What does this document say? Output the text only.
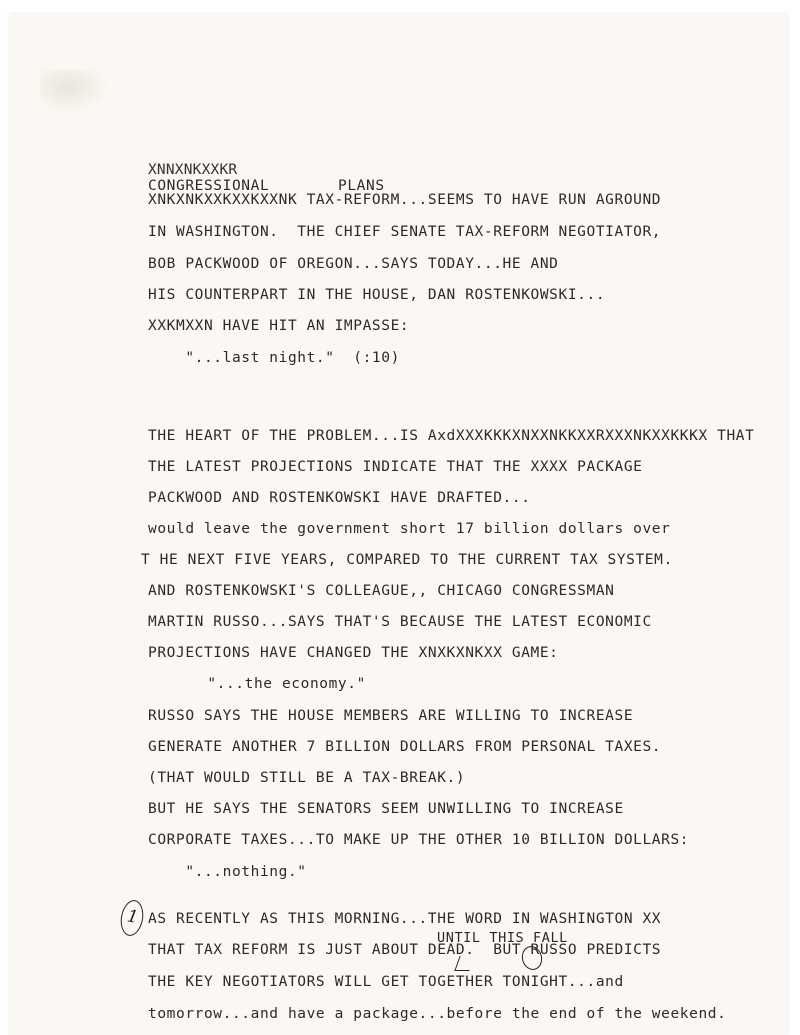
XNNXNKXXKR
CONGRESSIONAL	PLANS
XNKXNKXXKXXKXXNK TAX-REFORM...SEEMS TO HAVE RUN AGROUND
IN WASHINGTON.  THE CHIEF SENATE TAX-REFORM NEGOTIATOR,
BOB PACKWOOD OF OREGON...SAYS TODAY...HE AND
HIS COUNTERPART IN THE HOUSE, DAN ROSTENKOWSKI...
XXKMXXN HAVE HIT AN IMPASSE:
"...last night."  (:10)
THE HEART OF THE PROBLEM...IS AxdXXXKKKXNXXNKKXXRXXXNKXXKKKX THAT
THE LATEST PROJECTIONS INDICATE THAT THE XXXX PACKAGE
PACKWOOD AND ROSTENKOWSKI HAVE DRAFTED...
would leave the government short 17 billion dollars over
T HE NEXT FIVE YEARS, COMPARED TO THE CURRENT TAX SYSTEM.
AND ROSTENKOWSKI'S COLLEAGUE,, CHICAGO CONGRESSMAN
MARTIN RUSSO...SAYS THAT'S BECAUSE THE LATEST ECONOMIC
PROJECTIONS HAVE CHANGED THE XNXKXNKXX GAME:
"...the economy."
RUSSO SAYS THE HOUSE MEMBERS ARE WILLING TO INCREASE
GENERATE ANOTHER 7 BILLION DOLLARS FROM PERSONAL TAXES.
(THAT WOULD STILL BE A TAX-BREAK.)
BUT HE SAYS THE SENATORS SEEM UNWILLING TO INCREASE
CORPORATE TAXES...TO MAKE UP THE OTHER 10 BILLION DOLLARS:
"...nothing."
AS RECENTLY AS THIS MORNING...THE WORD IN WASHINGTON XX
UNTIL THIS FALL
THAT TAX REFORM IS JUST ABOUT DEAD.  BUT RUSSO PREDICTS
THE KEY NEGOTIATORS WILL GET TOGETHER TONIGHT...and
tomorrow...and have a package...before the end of the weekend.
1
